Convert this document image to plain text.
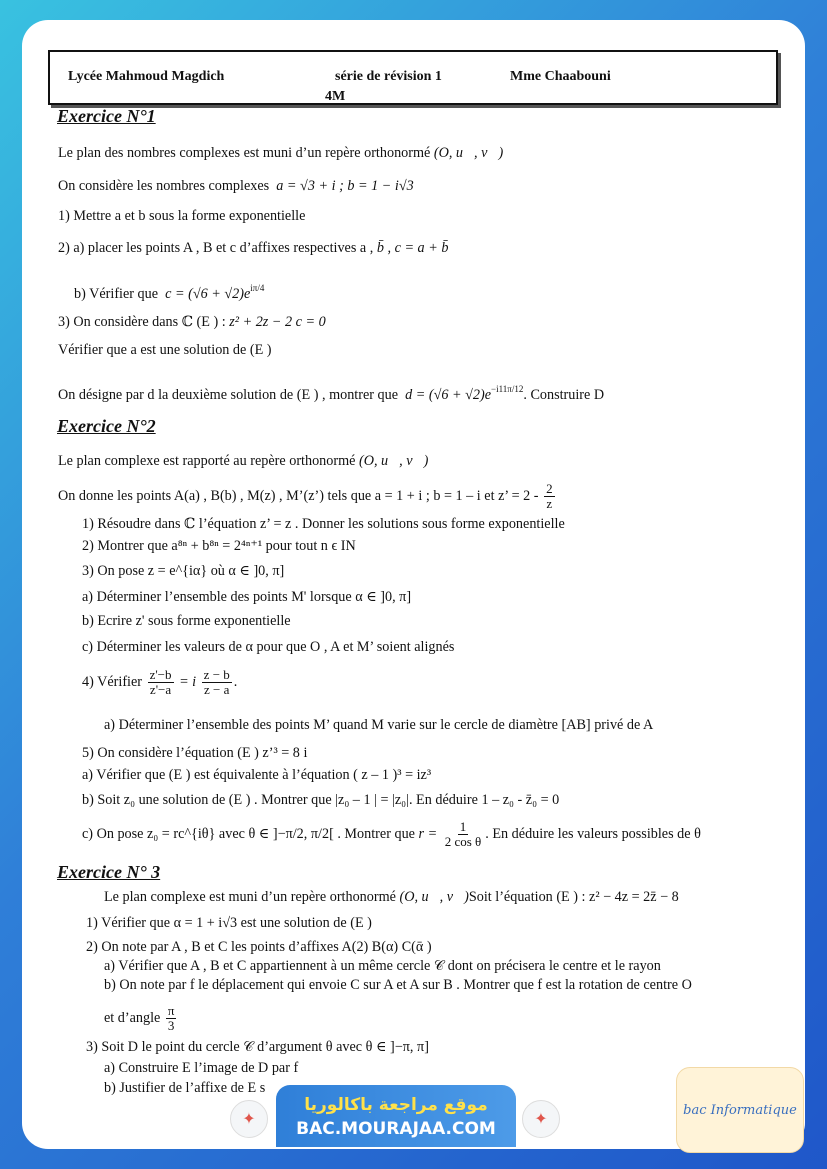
Lycée Mahmoud Magdich	série de révision 1	Mme Chaabouni
4M
Exercice N°1
Le plan des nombres complexes est muni d’un repère orthonormé (O, u⃗, v⃗)
On considère les nombres complexes a = √3 + i ; b = 1 − i√3
1) Mettre a et b sous la forme exponentielle
2) a) placer les points A , B et c d’affixes respectives a , b̄ , c = a + b̄
b) Vérifier que $c = (√6 + √2)e^{i\pi/4}$
3) On considère dans ℂ (E ) : z² + 2z − 2 c = 0
Vérifier que a est une solution de (E )
On désigne par d la deuxième solution de (E ) , montrer que $d = (√6 + √2)e^{-i11\pi/12}$. Construire D
Exercice N°2
Le plan complexe est rapporté au repère orthonormé (O, u⃗, v⃗)
On donne les points A(a) , B(b) , M(z) , M’(z’) tels que a = 1 + i ; b = 1 – i et z’ = $2 - \frac{2}{z}$
1) Résoudre dans ℂ l’équation z’ = z . Donner les solutions sous forme exponentielle
2) Montrer que a⁸ⁿ + b⁸ⁿ = 2⁴ⁿ⁺¹ pour tout n ϵ IN
3) On pose z = e^{iα} où α ∈ ]0, π]
a) Déterminer l’ensemble des points M' lorsque α ∈ ]0, π]
b) Ecrire z' sous forme exponentielle
c) Déterminer les valeurs de α pour que O , A et M’ soient alignés
4) Vérifier $\frac{z'-b}{z'-a} = i \frac{z - b}{z - a}$ .
a) Déterminer l’ensemble des points M’ quand M varie sur le cercle de diamètre [AB] privé de A
5) On considère l’équation (E ) z’³ = 8 i
a) Vérifier que (E ) est équivalente à l’équation ( z – 1 )³ = iz³
b) Soit z₀ une solution de (E ) . Montrer que |z₀ – 1 | = |z₀|. En déduire 1 – z₀ - z̄₀ = 0
c) On pose z₀ = rc^{iθ} avec θ ∈ ]−π/2, π/2[ . Montrer que $r = \frac{1}{\text{2 cos θ}}$ . En déduire les valeurs possibles de θ
Exercice N° 3
Le plan complexe est muni d’un repère orthonormé (O, u⃗, v⃗)Soit l’équation (E ) : z² − 4z = 2z̄ − 8
1) Vérifier que α = 1 + i√3 est une solution de (E )
2) On note par A , B et C les points d’affixes A(2) B(α) C(ᾱ )
a) Vérifier que A , B et C appartiennent à un même cercle 𝒞 dont on précisera le centre et le rayon
b) On note par f le déplacement qui envoie C sur A et A sur B . Montrer que f est la rotation de centre O
et d’angle $\frac{\pi}{3}$
3) Soit D le point du cercle 𝒞 d’argument θ avec θ ∈ ]−π, π]
a) Construire E l’image de D par f
b) Justifier de l’affixe de E s
✦
موقع مراجعة باكالوريا
BAC.MOURAJAA.COM	✦
bac Informatique
